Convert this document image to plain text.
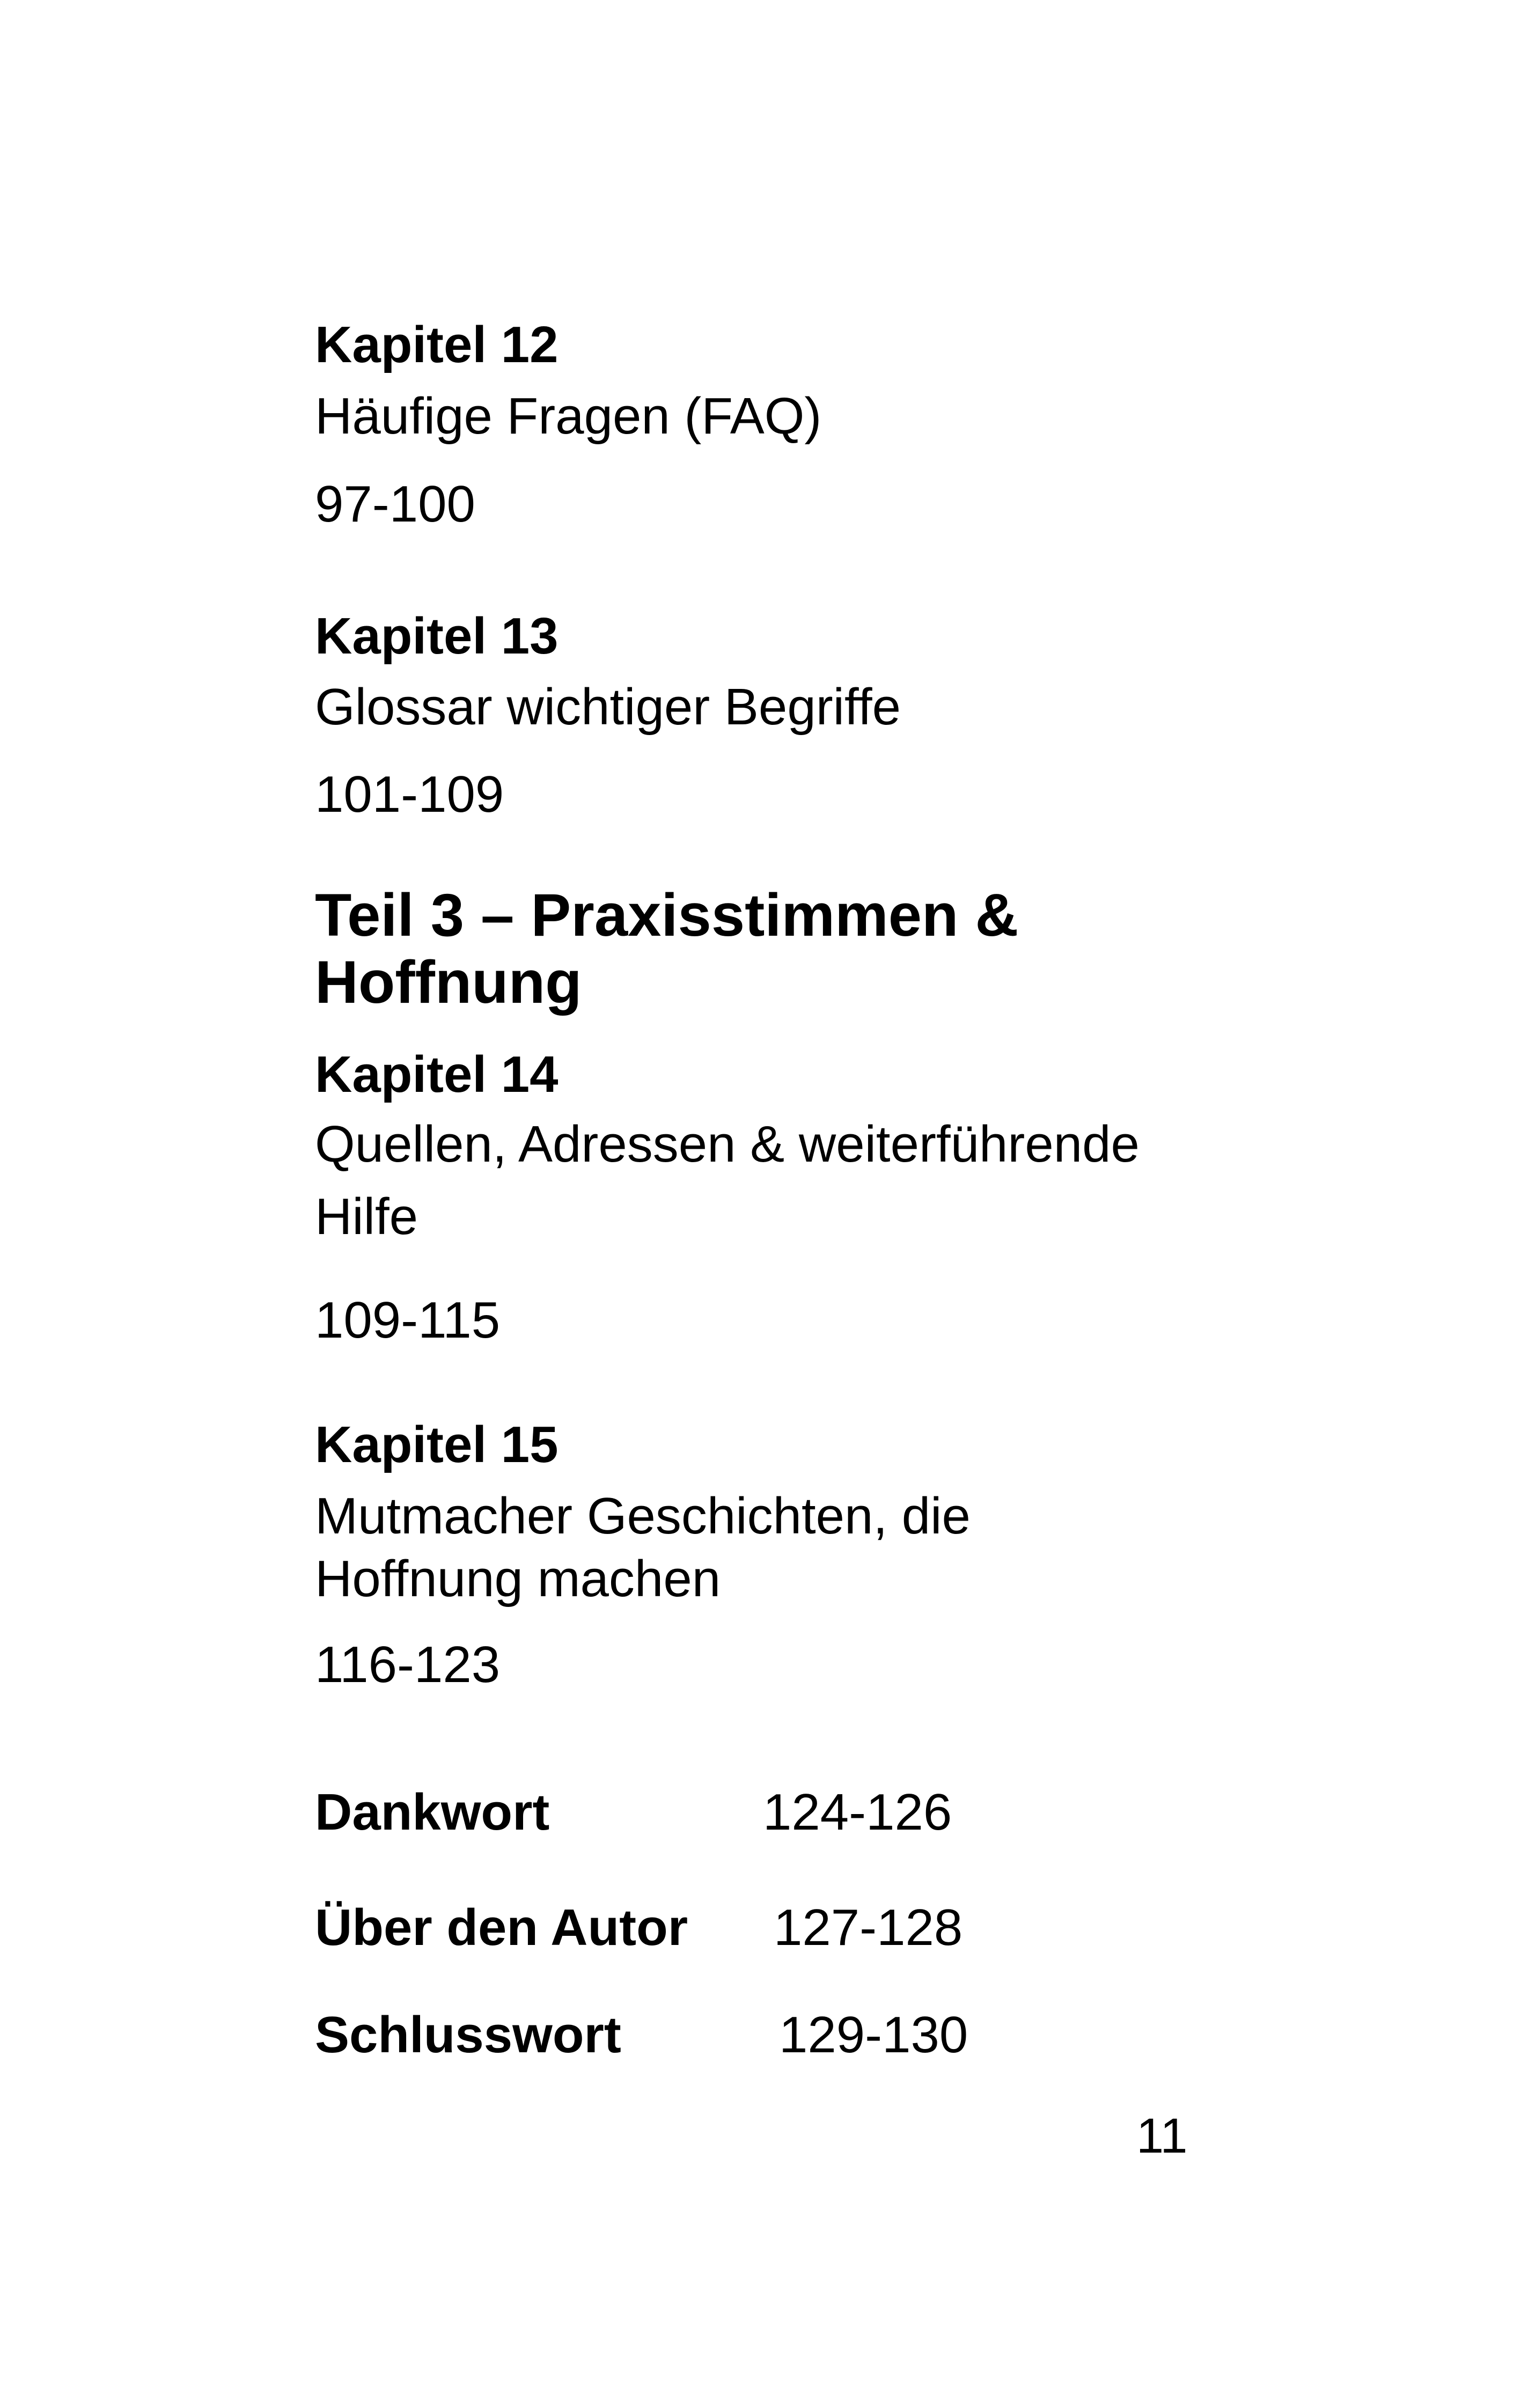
Kapitel 12

Häufige Fragen (FAQ)

97-100

Kapitel 13

Glossar wichtiger Begriffe

101-109

Teil 3 – Praxisstimmen &

Hoffnung

Kapitel 14

Quellen, Adressen & weiterführende

Hilfe

109-115

Kapitel 15

Mutmacher Geschichten, die

Hoffnung machen

116-123

Dankwort	124-126

Über den Autor 127-128

Schlusswort	129-130

11
